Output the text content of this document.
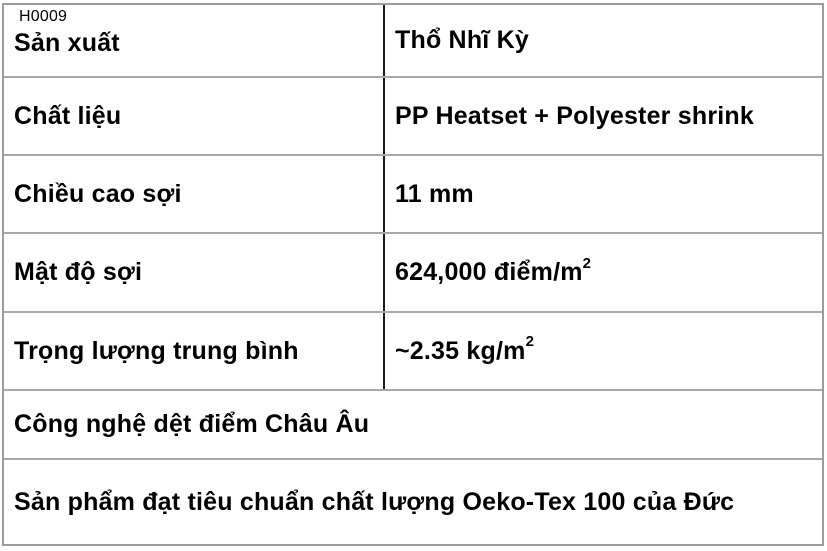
H0009
Sản xuất	Thổ Nhĩ Kỳ
Chất liệu	PP Heatset + Polyester shrink
Chiều cao sợi	11 mm
Mật độ sợi	624,000 điểm/$m^2$
Trọng lượng trung bình	~2.35 $kg/m^2$
Công nghệ dệt điểm Châu Âu
Sản phẩm đạt tiêu chuẩn chất lượng Oeko-Tex 100 của Đức
